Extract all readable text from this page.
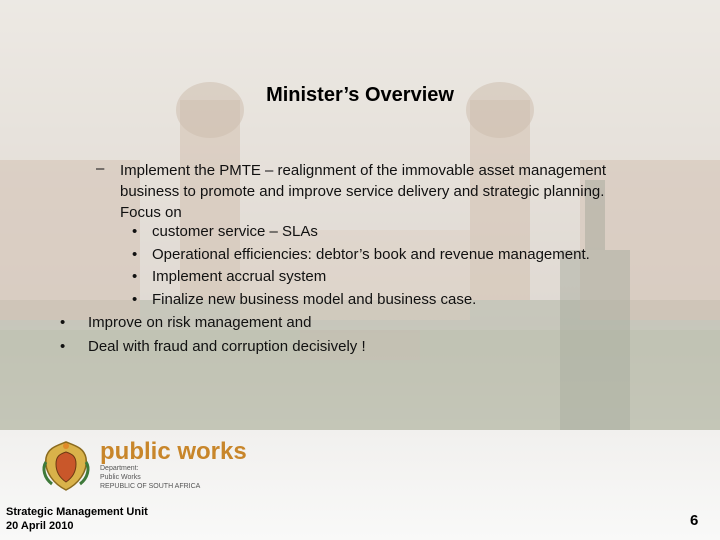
Minister’s Overview
– Implement the PMTE – realignment of the immovable asset management
business to promote and improve service delivery and strategic planning.
Focus on
• customer service – SLAs
• Operational efficiencies: debtor’s book and revenue management.
• Implement accrual system
• Finalize new business model and business case.
• Improve on risk management and
• Deal with fraud and corruption decisively !
public works
Department:
Public Works
REPUBLIC OF SOUTH AFRICA
Strategic Management Unit
20 April 2010	6
